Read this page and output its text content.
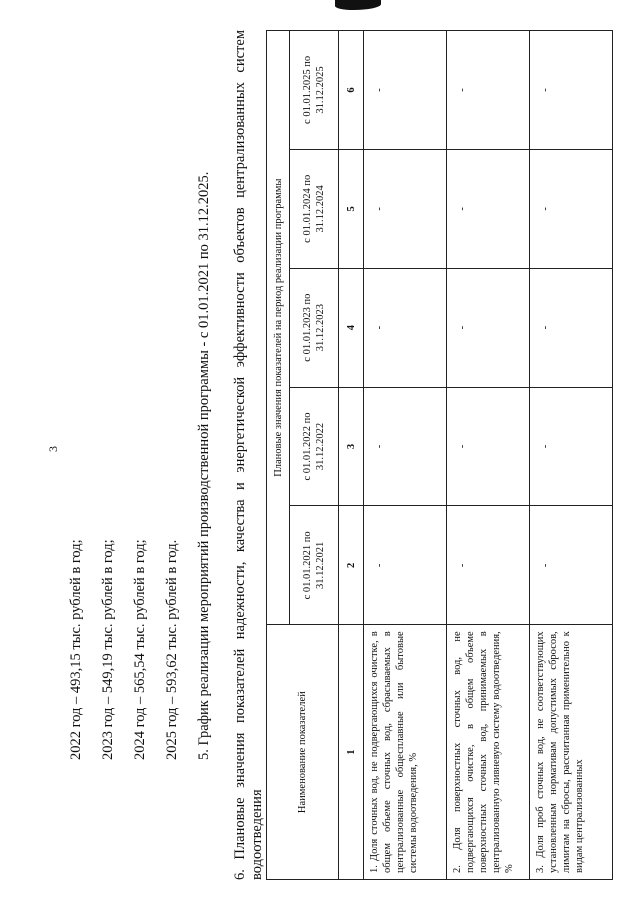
3

2022 год – 493,15 тыс. рублей в год;	2023 год – 549,19 тыс. рублей в год;	2024 год – 565,54 тыс. рублей в год;	2025 год – 593,62 тыс. рублей в год.	5. График реализации мероприятий производственной программы - с 01.01.2021 по 31.12.2025.	6. Плановые значения показателей надежности, качества и энергетической эффективности объектов централизованных систем водоотведения

Наименование показателей	Плановые значения показателей на период реализации программы				
	с 01.01.2021 по 31.12.2021	с 01.01.2022 по 31.12.2022	с 01.01.2023 по 31.12.2023	с 01.01.2024 по 31.12.2024	с 01.01.2025 по 31.12.2025
1	2	3	4	5	6
1. Доля сточных вод, не подвергающихся очистке, в общем объеме сточных вод, сбрасываемых в централизованные общесплавные или бытовые системы водоотведения, %	-	-	-	-	-
2. Доля поверхностных сточных вод, не подвергающихся очистке, в общем объеме поверхностных сточных вод, принимаемых в централизованную ливневую систему водоотведения, %	-	-	-	-	-
3. Доля проб сточных вод, не соответствующих установленным нормативам допустимых сбросов, лимитам на сбросы, рассчитанная применительно к видам централизованных	-	-	-	-	-
